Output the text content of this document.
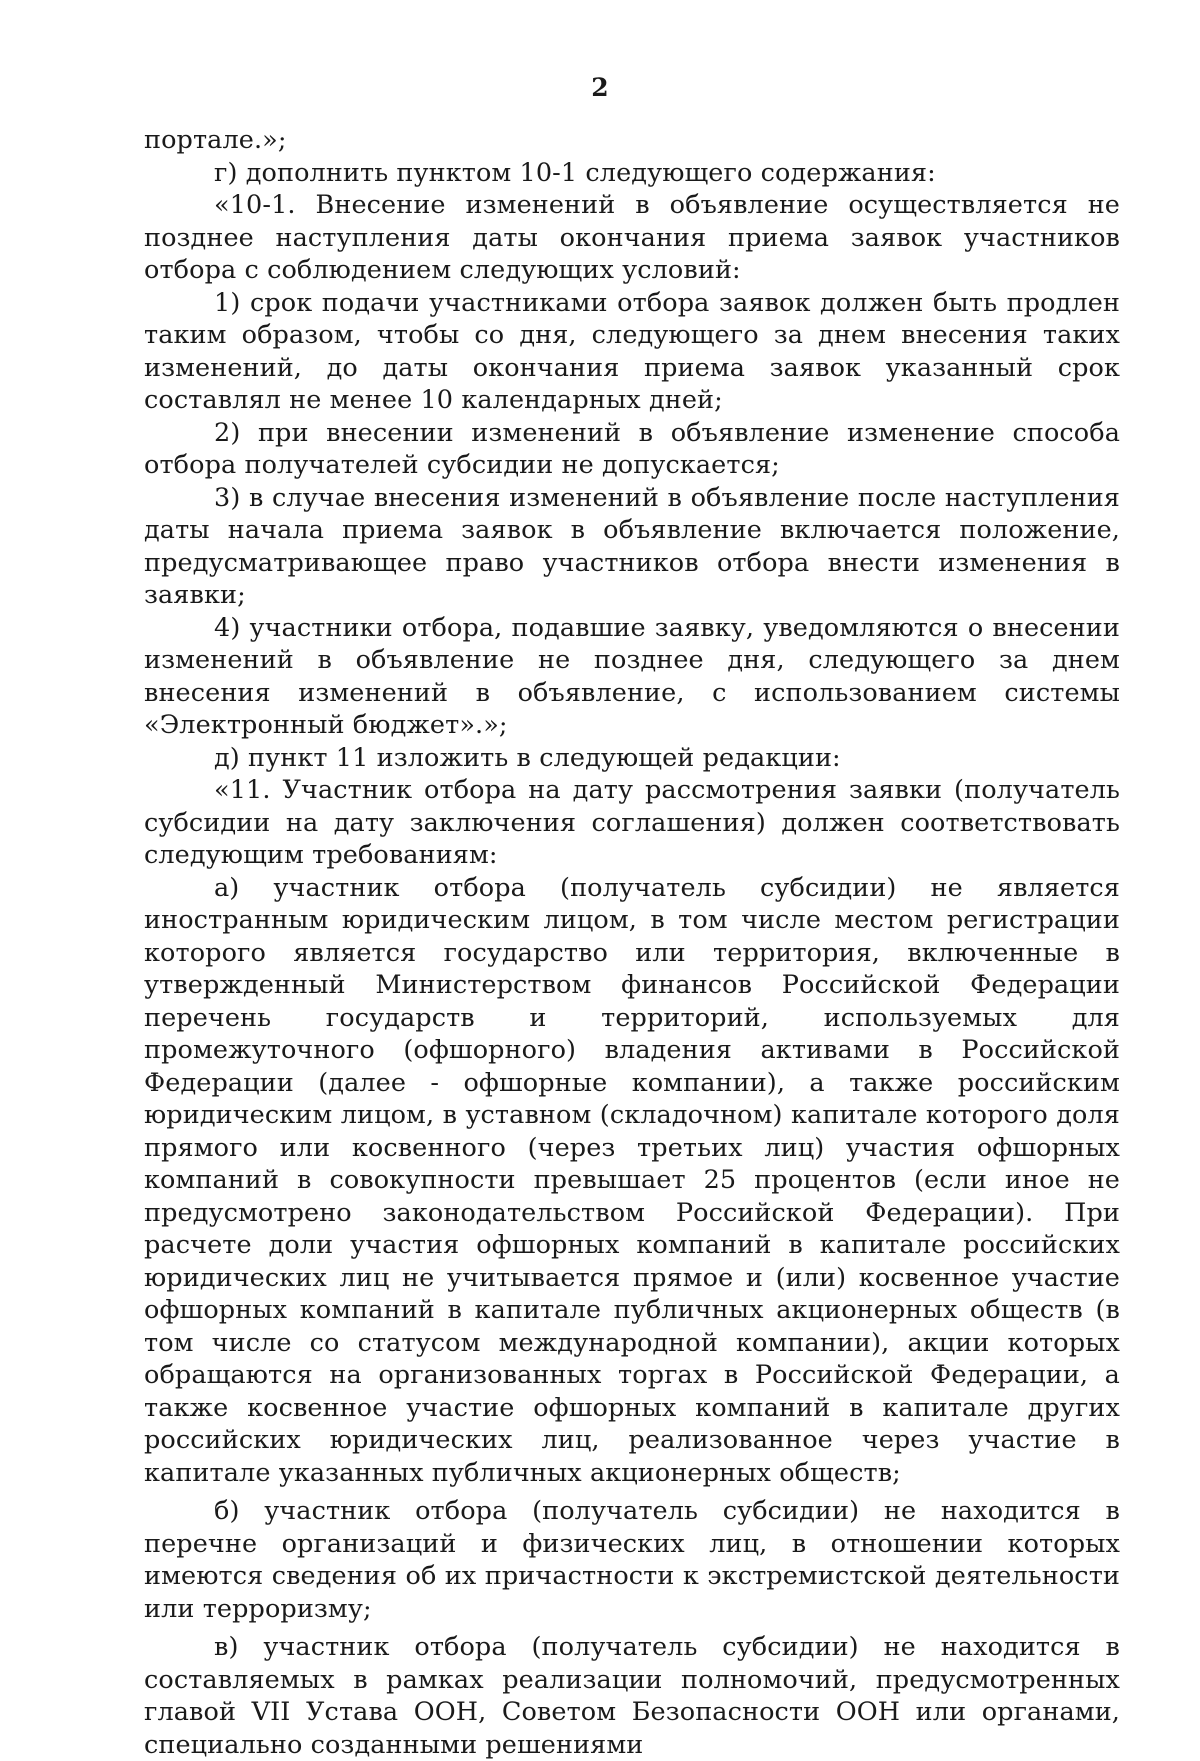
2

портале.»;

г) дополнить пунктом 10-1 следующего содержания:

«10-1. Внесение изменений в объявление осуществляется не позднее наступления даты окончания приема заявок участников отбора с соблюдением следующих условий:

1) срок подачи участниками отбора заявок должен быть продлен таким образом, чтобы со дня, следующего за днем внесения таких изменений, до даты окончания приема заявок указанный срок составлял не менее 10 календарных дней;

2) при внесении изменений в объявление изменение способа отбора получателей субсидии не допускается;

3) в случае внесения изменений в объявление после наступления даты начала приема заявок в объявление включается положение, предусматривающее право участников отбора внести изменения в заявки;

4) участники отбора, подавшие заявку, уведомляются о внесении изменений в объявление не позднее дня, следующего за днем внесения изменений в объявление, с использованием системы «Электронный бюджет».»;

д) пункт 11 изложить в следующей редакции:

«11. Участник отбора на дату рассмотрения заявки (получатель субсидии на дату заключения соглашения) должен соответствовать следующим требованиям:

а) участник отбора (получатель субсидии) не является иностранным юридическим лицом, в том числе местом регистрации которого является государство или территория, включенные в утвержденный Министерством финансов Российской Федерации перечень государств и территорий, используемых для промежуточного (офшорного) владения активами в Российской Федерации (далее - офшорные компании), а также российским юридическим лицом, в уставном (складочном) капитале которого доля прямого или косвенного (через третьих лиц) участия офшорных компаний в совокупности превышает 25 процентов (если иное не предусмотрено законодательством Российской Федерации). При расчете доли участия офшорных компаний в капитале российских юридических лиц не учитывается прямое и (или) косвенное участие офшорных компаний в капитале публичных акционерных обществ (в том числе со статусом международной компании), акции которых обращаются на организованных торгах в Российской Федерации, а также косвенное участие офшорных компаний в капитале других российских юридических лиц, реализованное через участие в капитале указанных публичных акционерных обществ;

б) участник отбора (получатель субсидии) не находится в перечне организаций и физических лиц, в отношении которых имеются сведения об их причастности к экстремистской деятельности или терроризму;

в) участник отбора (получатель субсидии) не находится в составляемых в рамках реализации полномочий, предусмотренных главой VII Устава ООН, Советом Безопасности ООН или органами, специально созданными решениями
